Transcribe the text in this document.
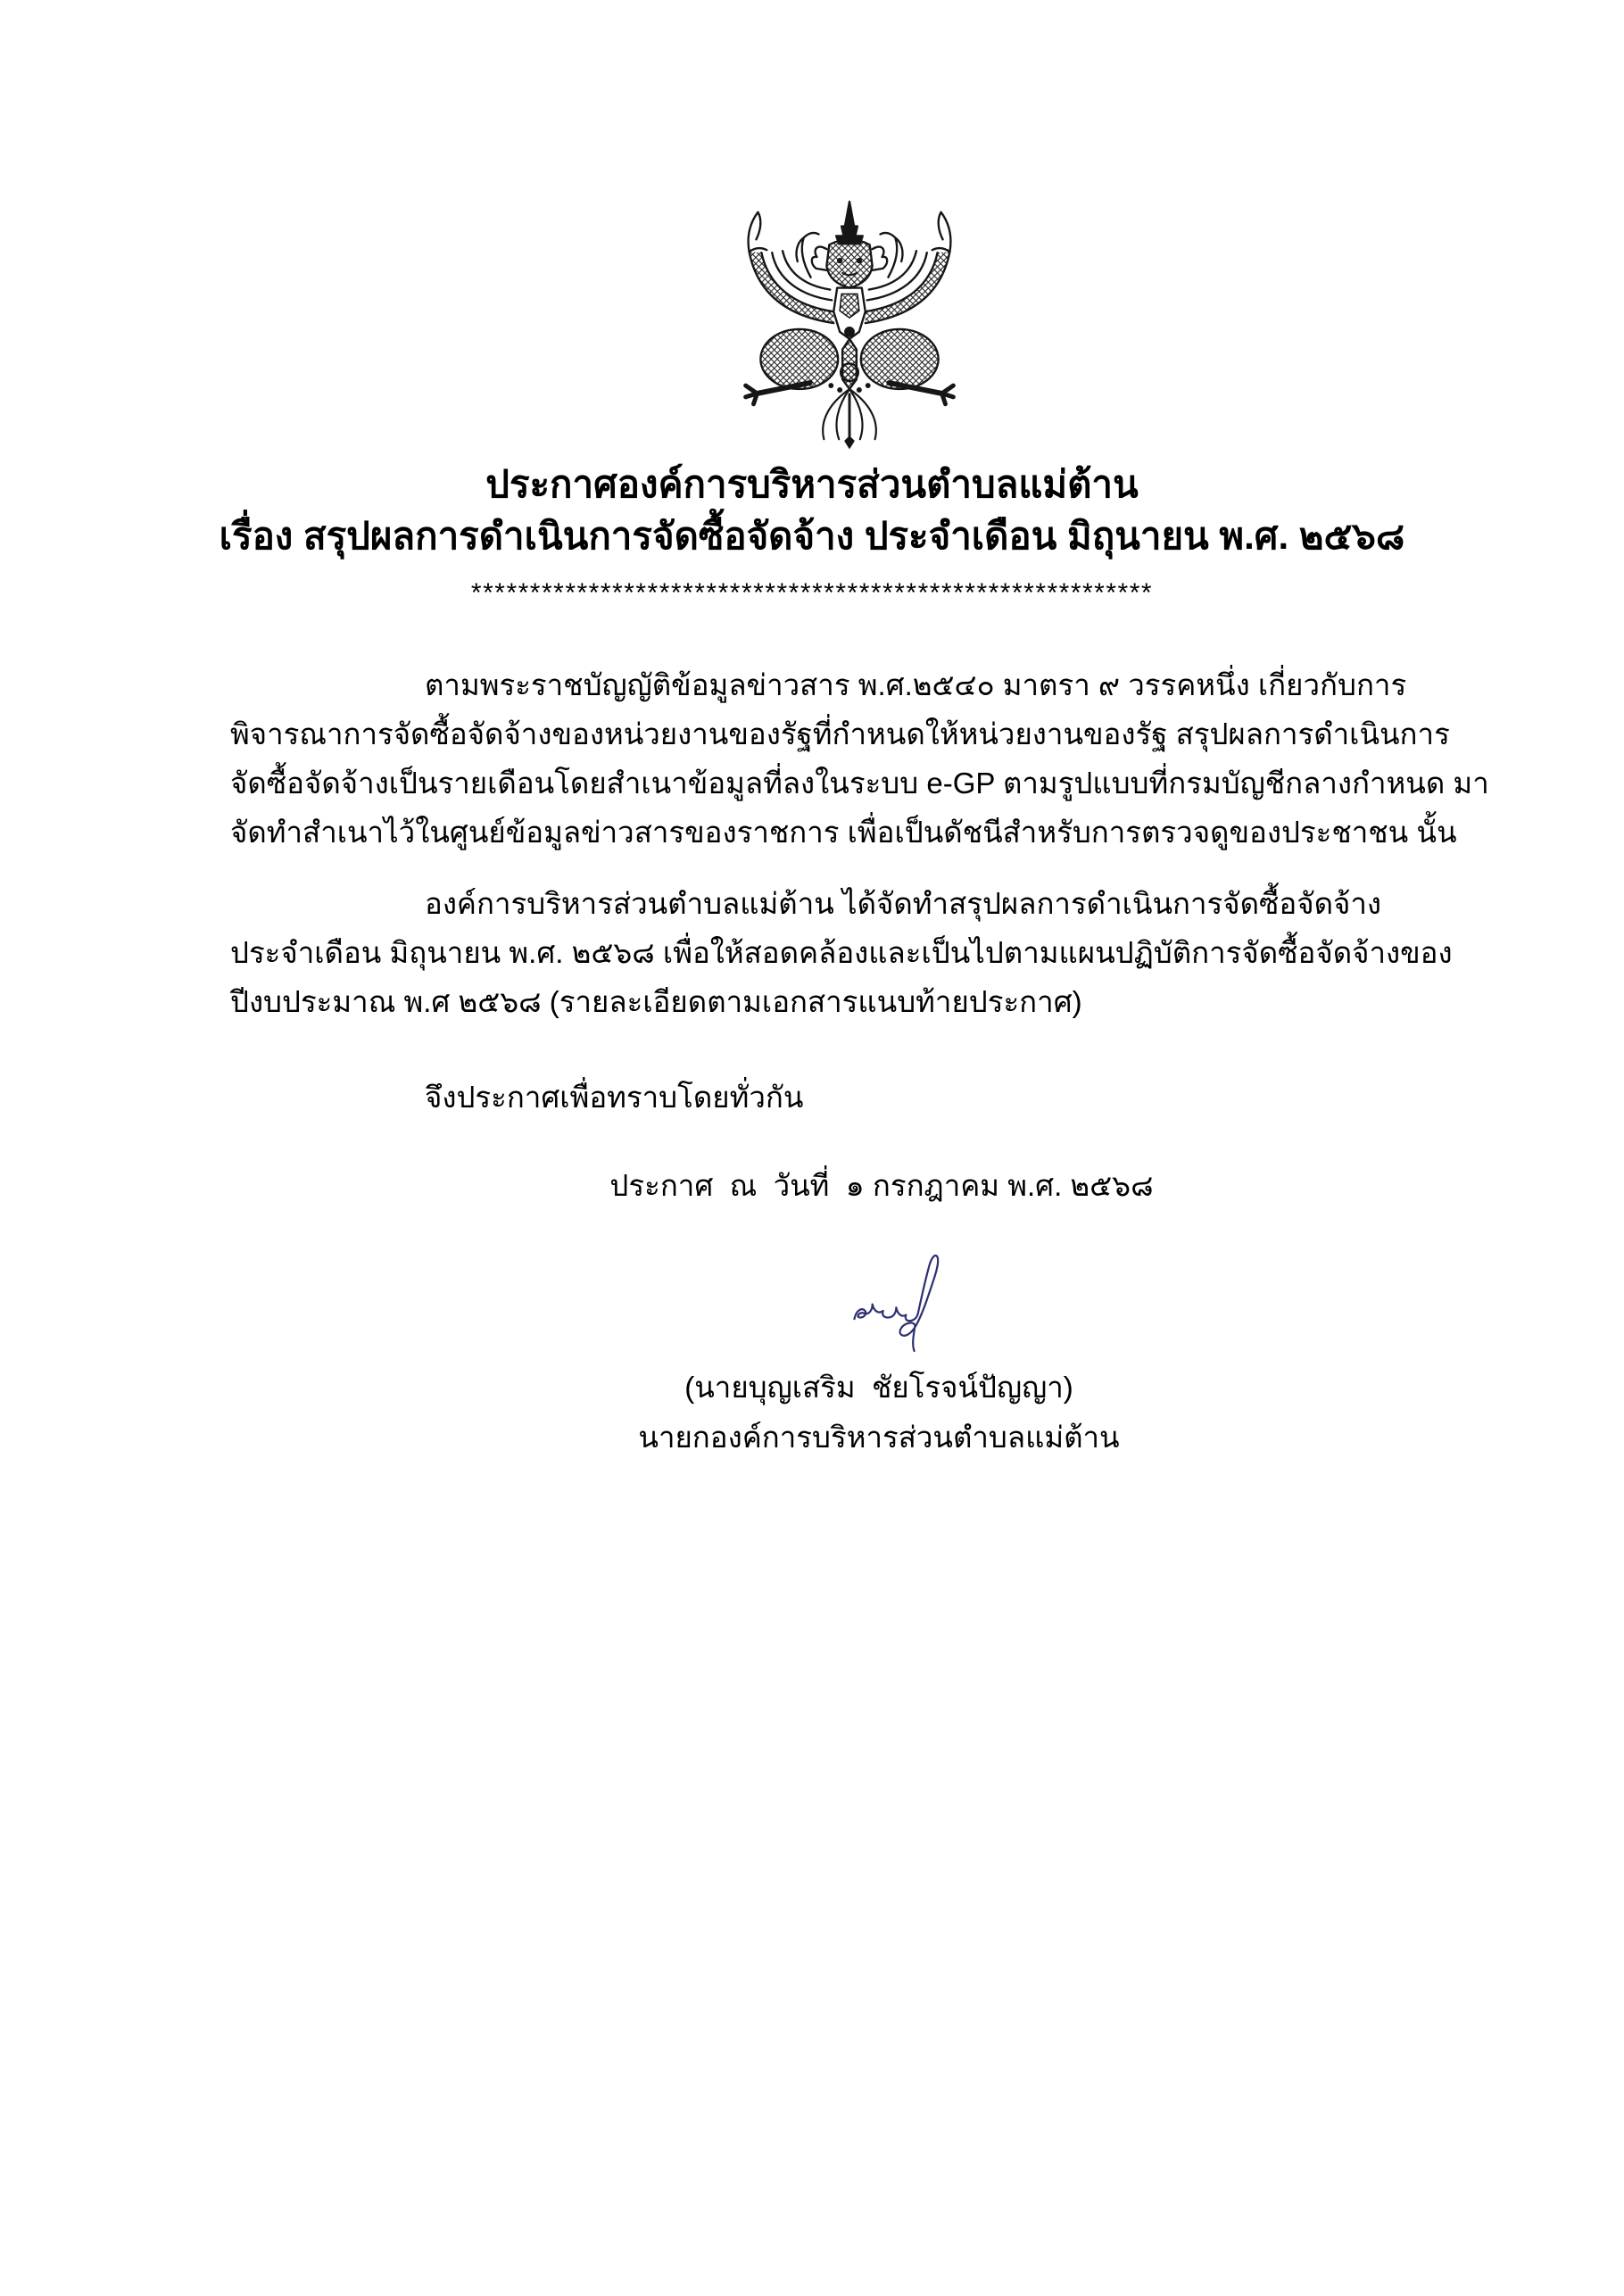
ประกาศองค์การบริหารส่วนตำบลแม่ต้าน
เรื่อง สรุปผลการดำเนินการจัดซื้อจัดจ้าง ประจำเดือน มิถุนายน พ.ศ. ๒๕๖๘
**********************************************************
ตามพระราชบัญญัติข้อมูลข่าวสาร พ.ศ.๒๕๔๐ มาตรา ๙ วรรคหนึ่ง เกี่ยวกับการ
พิจารณาการจัดซื้อจัดจ้างของหน่วยงานของรัฐที่กำหนดให้หน่วยงานของรัฐ สรุปผลการดำเนินการ
จัดซื้อจัดจ้างเป็นรายเดือนโดยสำเนาข้อมูลที่ลงในระบบ e-GP ตามรูปแบบที่กรมบัญชีกลางกำหนด มา
จัดทำสำเนาไว้ในศูนย์ข้อมูลข่าวสารของราชการ เพื่อเป็นดัชนีสำหรับการตรวจดูของประชาชน นั้น
องค์การบริหารส่วนตำบลแม่ต้าน ได้จัดทำสรุปผลการดำเนินการจัดซื้อจัดจ้าง
ประจำเดือน มิถุนายน พ.ศ. ๒๕๖๘ เพื่อให้สอดคล้องและเป็นไปตามแผนปฏิบัติการจัดซื้อจัดจ้างของ
ปีงบประมาณ พ.ศ ๒๕๖๘ (รายละเอียดตามเอกสารแนบท้ายประกาศ)
จึงประกาศเพื่อทราบโดยทั่วกัน
ประกาศ  ณ  วันที่  ๑ กรกฎาคม พ.ศ. ๒๕๖๘
(นายบุญเสริม  ชัยโรจน์ปัญญา)
นายกองค์การบริหารส่วนตำบลแม่ต้าน
